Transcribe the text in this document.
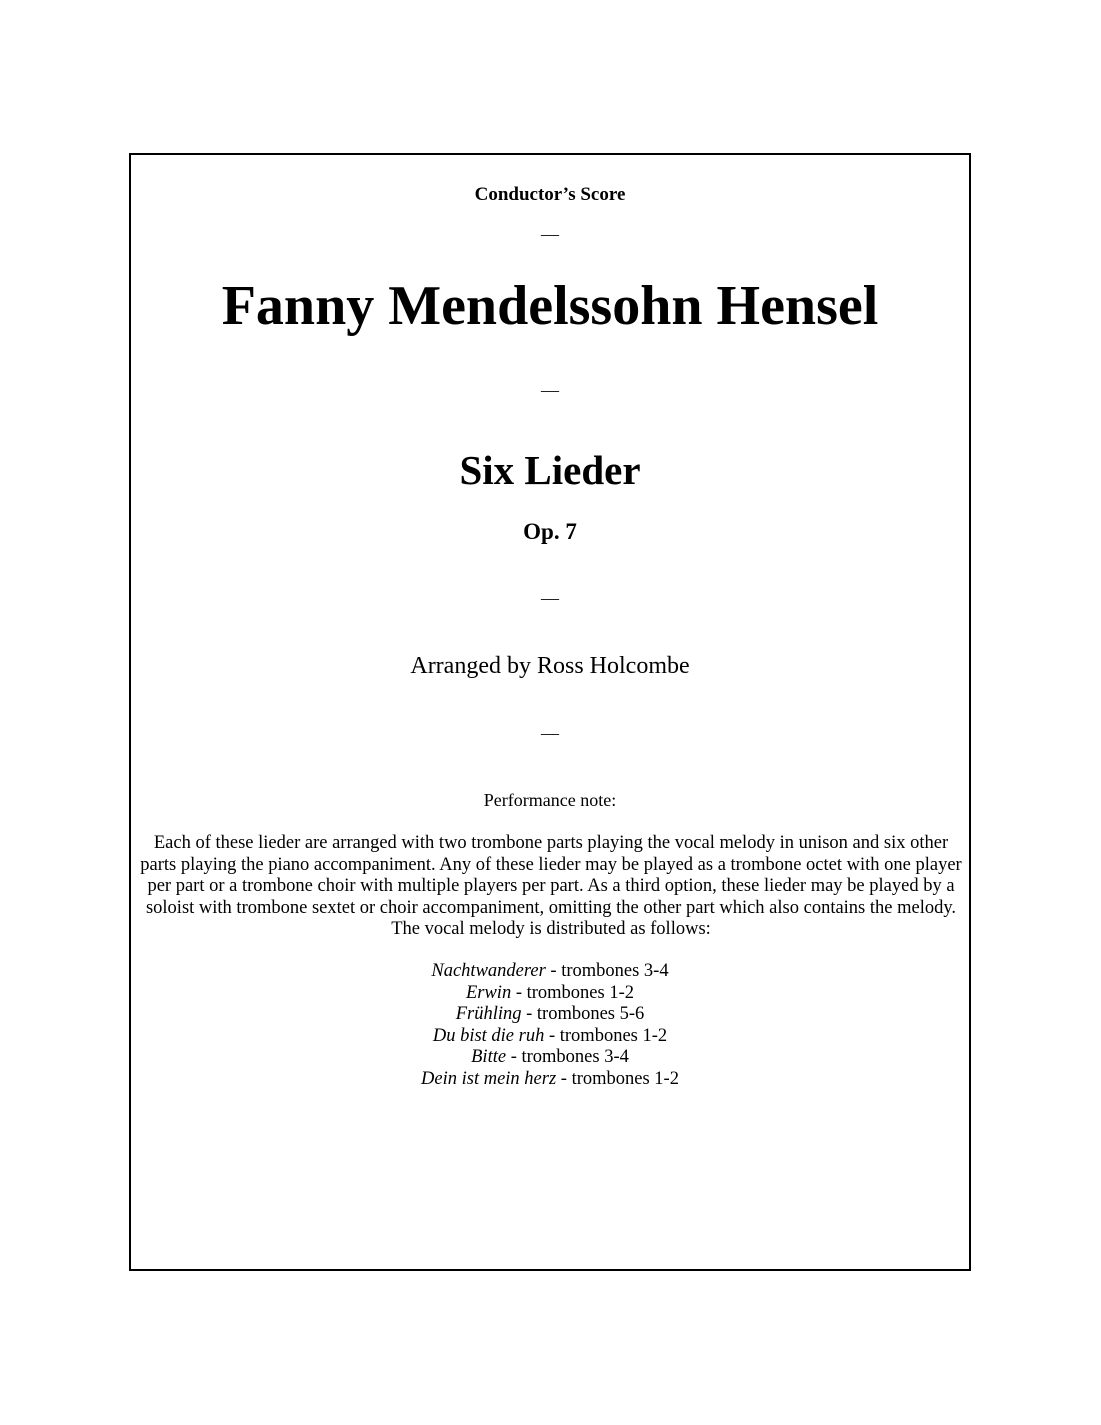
Conductor’s Score

—

Fanny Mendelssohn Hensel

—

Six Lieder

Op. 7

—

Arranged by Ross Holcombe

—

Performance note:

Each of these lieder are arranged with two trombone parts playing the vocal melody in unison and six other parts playing the piano accompaniment. Any of these lieder may be played as a trombone octet with one player per part or a trombone choir with multiple players per part. As a third option, these lieder may be played by a soloist with trombone sextet or choir accompaniment, omitting the other part which also contains the melody. The vocal melody is distributed as follows:

Nachtwanderer - trombones 3-4
Erwin - trombones 1-2
Frühling - trombones 5-6
Du bist die ruh - trombones 1-2
Bitte - trombones 3-4
Dein ist mein herz - trombones 1-2
